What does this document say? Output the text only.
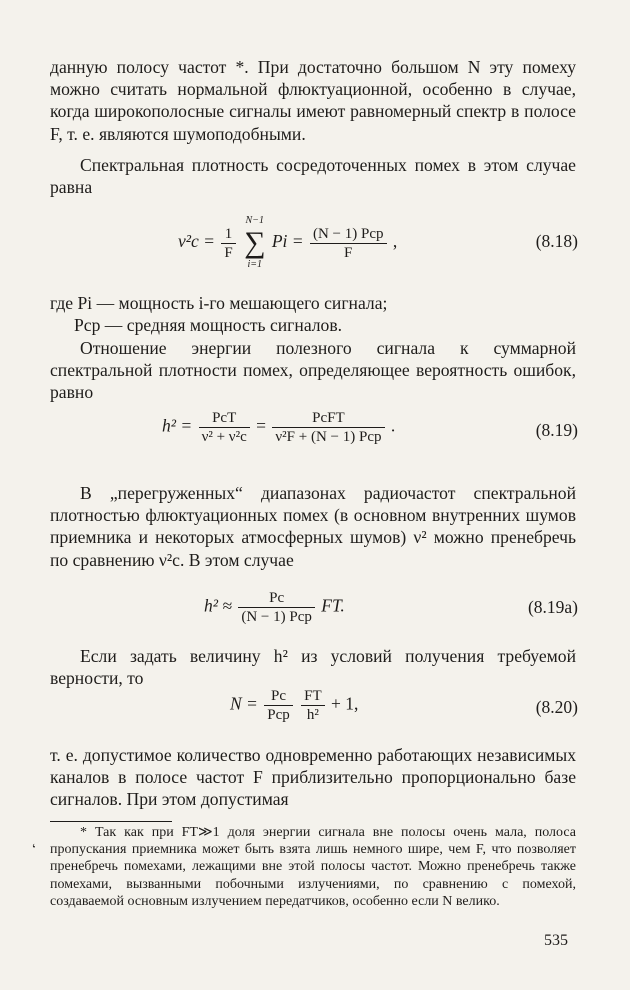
данную полосу частот *. При достаточно большом N эту помеху можно считать нормальной флюктуационной, особенно в случае, когда широкополосные сигналы имеют равномерный спектр в полосе F, т. е. являются шумоподобными.
Спектральная плотность сосредоточенных помех в этом случае равна
$\nu^2с = \frac{1}{F}$

N−1
∑
i=1
$Pi = \frac{\text{(N − 1) Pср}}{F}$ ,	(8.18)
где Pi — мощность i-го мешающего сигнала;
Pср — средняя мощность сигналов.
Отношение энергии полезного сигнала к суммарной спектральной плотности помех, определяющее вероятность ошибок, равно
$h^2 = \frac{\text{PсT}}{\text{ν² + ν²с}} = \frac{\text{PсFT}}{\text{ν²F + (N − 1) Pср}}$ .	(8.19)
В „перегруженных“ диапазонах радиочастот спектральной плотностью флюктуационных помех (в основном внутренних шумов приемника и некоторых атмосферных шумов) ν² можно пренебречь по сравнению ν²с. В этом случае
$h^2 \approx \frac{Pс}{\text{(N − 1) Pср}}$ FT.	(8.19a)
Если задать величину h² из условий получения требуемой верности, то
$N = \frac{Pс}{\text{Pср}}$
$\frac{FT}{\text{h²}} + 1$,	(8.20)
т. е. допустимое количество одновременно работающих независимых каналов в полосе частот F приблизительно пропорционально базе сигналов. При этом допустимая
* Так как при FT≫1 доля энергии сигнала вне полосы очень мала, полоса пропускания приемника может быть взята лишь немного шире, чем F, что позволяет пренебречь помехами, лежащими вне этой полосы частот. Можно пренебречь также помехами, вызванными побочными излучениями, по сравнению с помехой, создаваемой основным излучением передатчиков, особенно если N велико.
‘
535
